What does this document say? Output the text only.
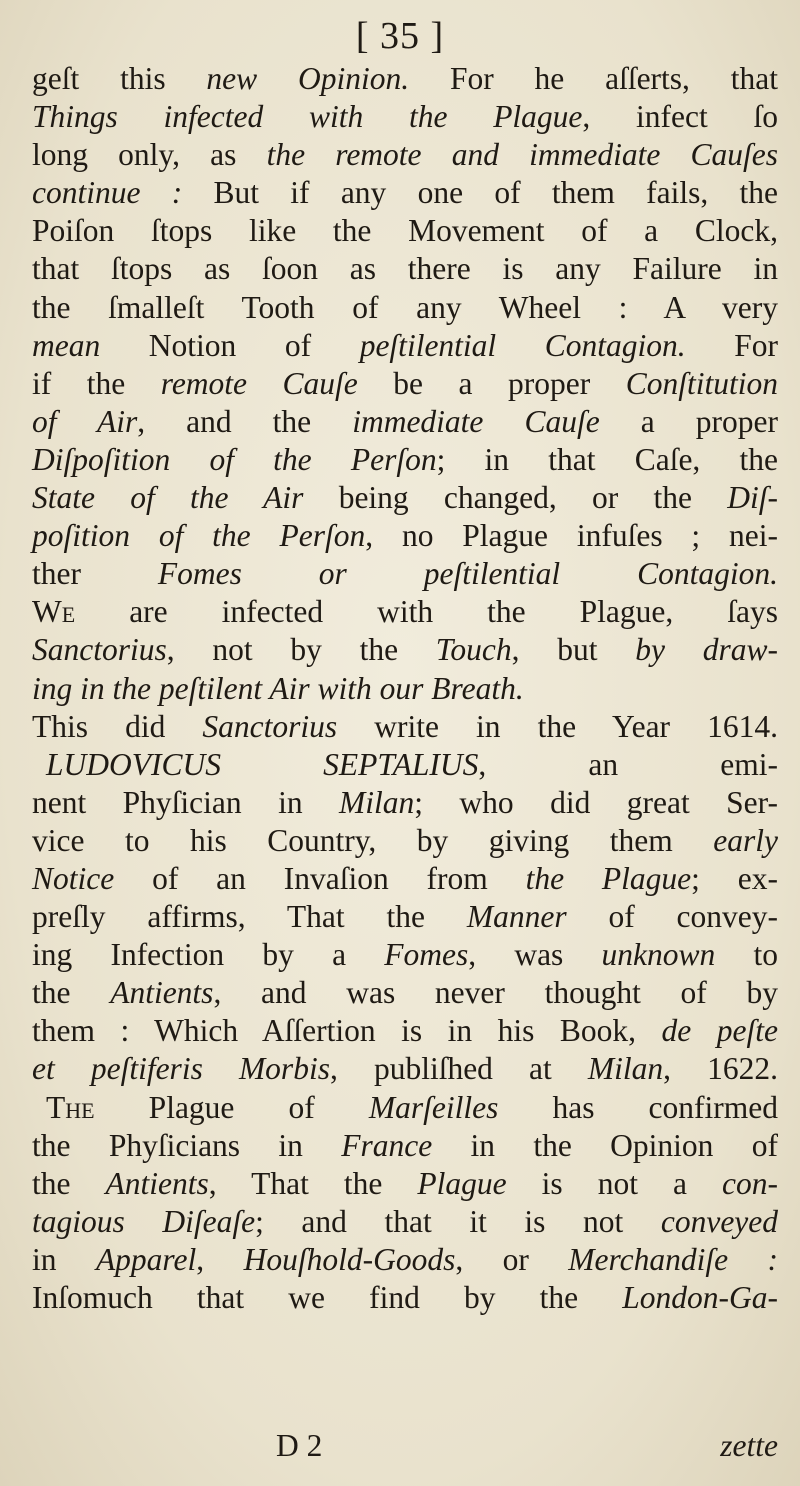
[ 35 ]
geſt this new Opinion. For he aſſerts, that
Things infected with the Plague, infect ſo
long only, as the remote and immediate Cauſes
continue : But if any one of them fails, the
Poiſon ſtops like the Movement of a Clock,
that ſtops as ſoon as there is any Failure in
the ſmalleſt Tooth of any Wheel : A very
mean Notion of peſtilential Contagion. For
if the remote Cauſe be a proper Conſtitution
of Air, and the immediate Cauſe a proper
Diſpoſition of the Perſon; in that Caſe, the
State of the Air being changed, or the Diſ-
poſition of the Perſon, no Plague infuſes ; nei-
ther Fomes or peſtilential Contagion.
We are infected with the Plague, ſays
Sanctorius, not by the Touch, but by draw-
ing in the peſtilent Air with our Breath.
This did Sanctorius write in the Year 1614.
LUDOVICUS SEPTALIUS, an emi-
nent Phyſician in Milan; who did great Ser-
vice to his Country, by giving them early
Notice of an Invaſion from the Plague; ex-
preſly affirms, That the Manner of convey-
ing Infection by a Fomes, was unknown to
the Antients, and was never thought of by
them : Which Aſſertion is in his Book, de peſte
et peſtiferis Morbis, publiſhed at Milan, 1622.
The Plague of Marſeilles has confirmed
the Phyſicians in France in the Opinion of
the Antients, That the Plague is not a con-
tagious Diſeaſe; and that it is not conveyed
in Apparel, Houſhold-Goods, or Merchandiſe :
Inſomuch that we find by the London-Ga-
D 2	zette
